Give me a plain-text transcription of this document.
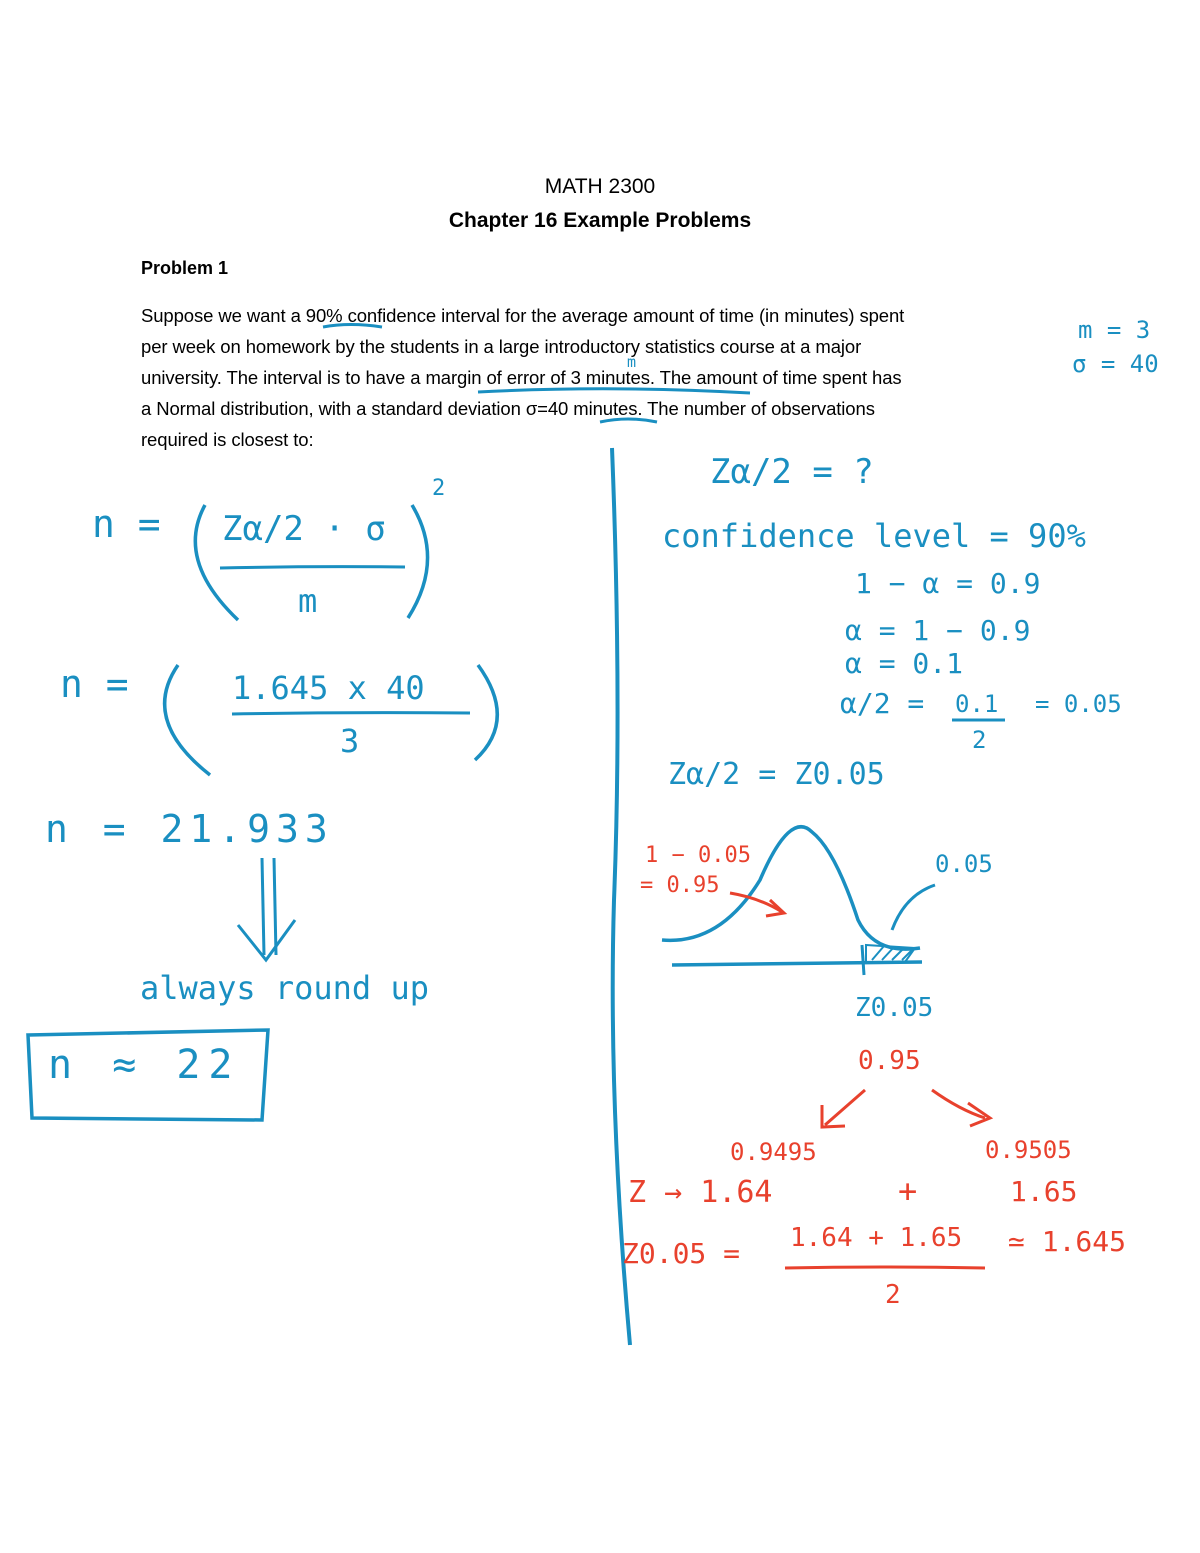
MATH 2300
Chapter 16 Example Problems
Problem 1
Suppose we want a 90% confidence interval for the average amount of time (in minutes) spent
per week on homework by the students in a large introductory statistics course at a major
university. The interval is to have a margin of error of 3 minutes. The amount of time spent has
a Normal distribution, with a standard deviation σ=40 minutes. The number of observations
required is closest to:
m = 3
σ = 40
m
n = Zα/2 · σ
m
2
n =	1.645 x 40
3
n = 21.933
always round up
n ≈ 22
Zα/2 = ?
confidence level = 90%
1 − α = 0.9
α = 1 − 0.9
α = 0.1
α/2 = 0.1
2
= 0.05
Zα/2 = Z0.05
1 − 0.05
= 0.95
0.05
Z0.05
0.95
0.9495	0.9505
Z → 1.64	+	1.65
Z0.05 = 1.64 + 1.65
2
≃ 1.645
